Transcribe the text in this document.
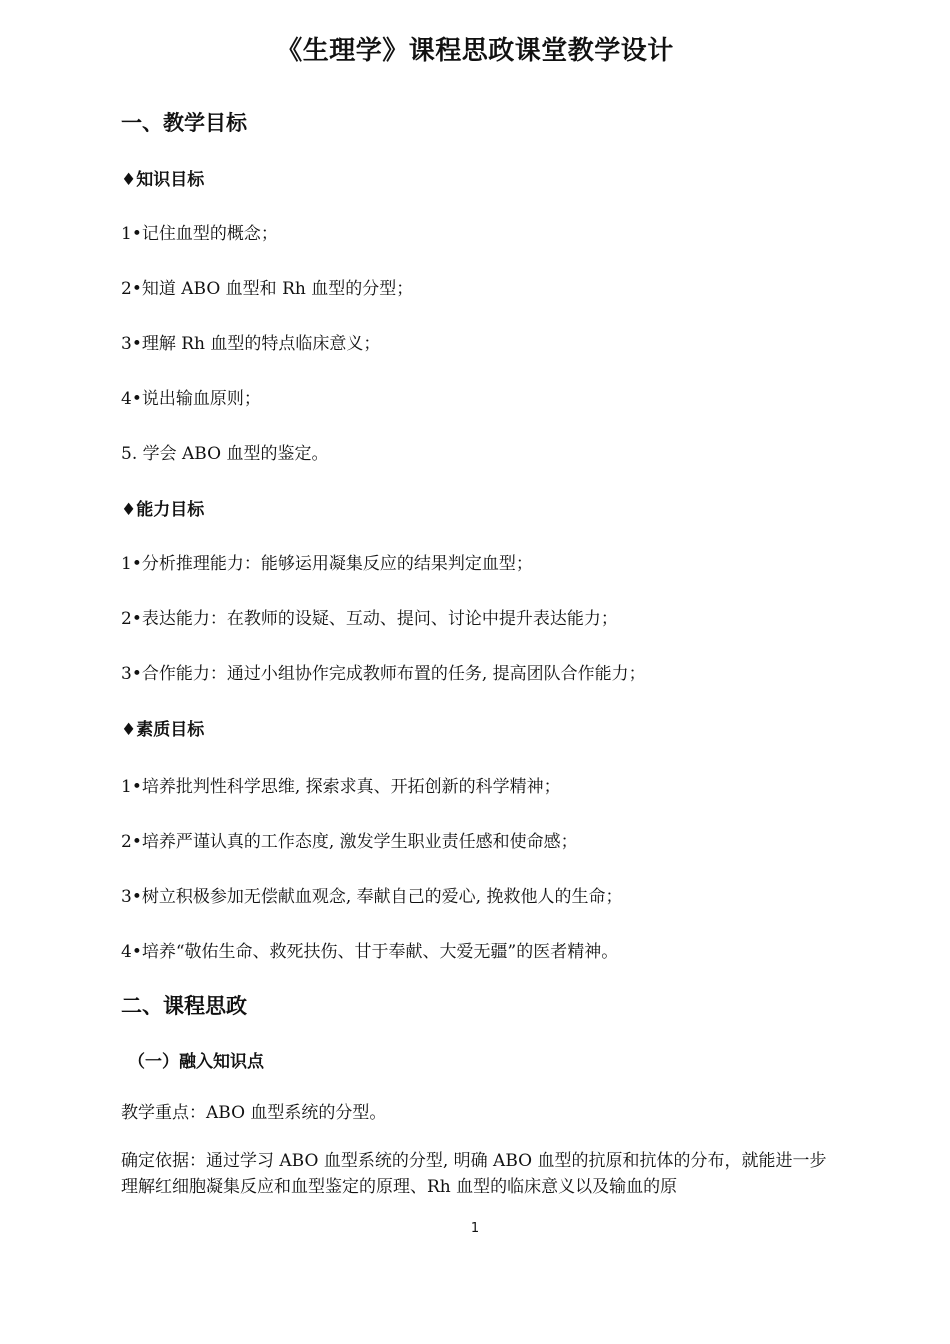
《生理学》课程思政课堂教学设计
一、教学目标
♦知识目标
1•记住血型的概念；
2•知道 ABO 血型和 Rh 血型的分型；
3•理解 Rh 血型的特点临床意义；
4•说出输血原则；
5. 学会 ABO 血型的鉴定。
♦能力目标
1•分析推理能力：能够运用凝集反应的结果判定血型；
2•表达能力：在教师的设疑、互动、提问、讨论中提升表达能力；
3•合作能力：通过小组协作完成教师布置的任务, 提高团队合作能力；
♦素质目标
1•培养批判性科学思维, 探索求真、开拓创新的科学精神；
2•培养严谨认真的工作态度, 激发学生职业责任感和使命感；
3•树立积极参加无偿献血观念, 奉献自己的爱心, 挽救他人的生命；
4•培养“敬佑生命、救死扶伤、甘于奉献、大爱无疆”的医者精神。
二、课程思政
（一）融入知识点
教学重点：ABO 血型系统的分型。
确定依据：通过学习 ABO 血型系统的分型, 明确 ABO 血型的抗原和抗体的分布，就能进一步理解红细胞凝集反应和血型鉴定的原理、Rh 血型的临床意义以及输血的原
1
